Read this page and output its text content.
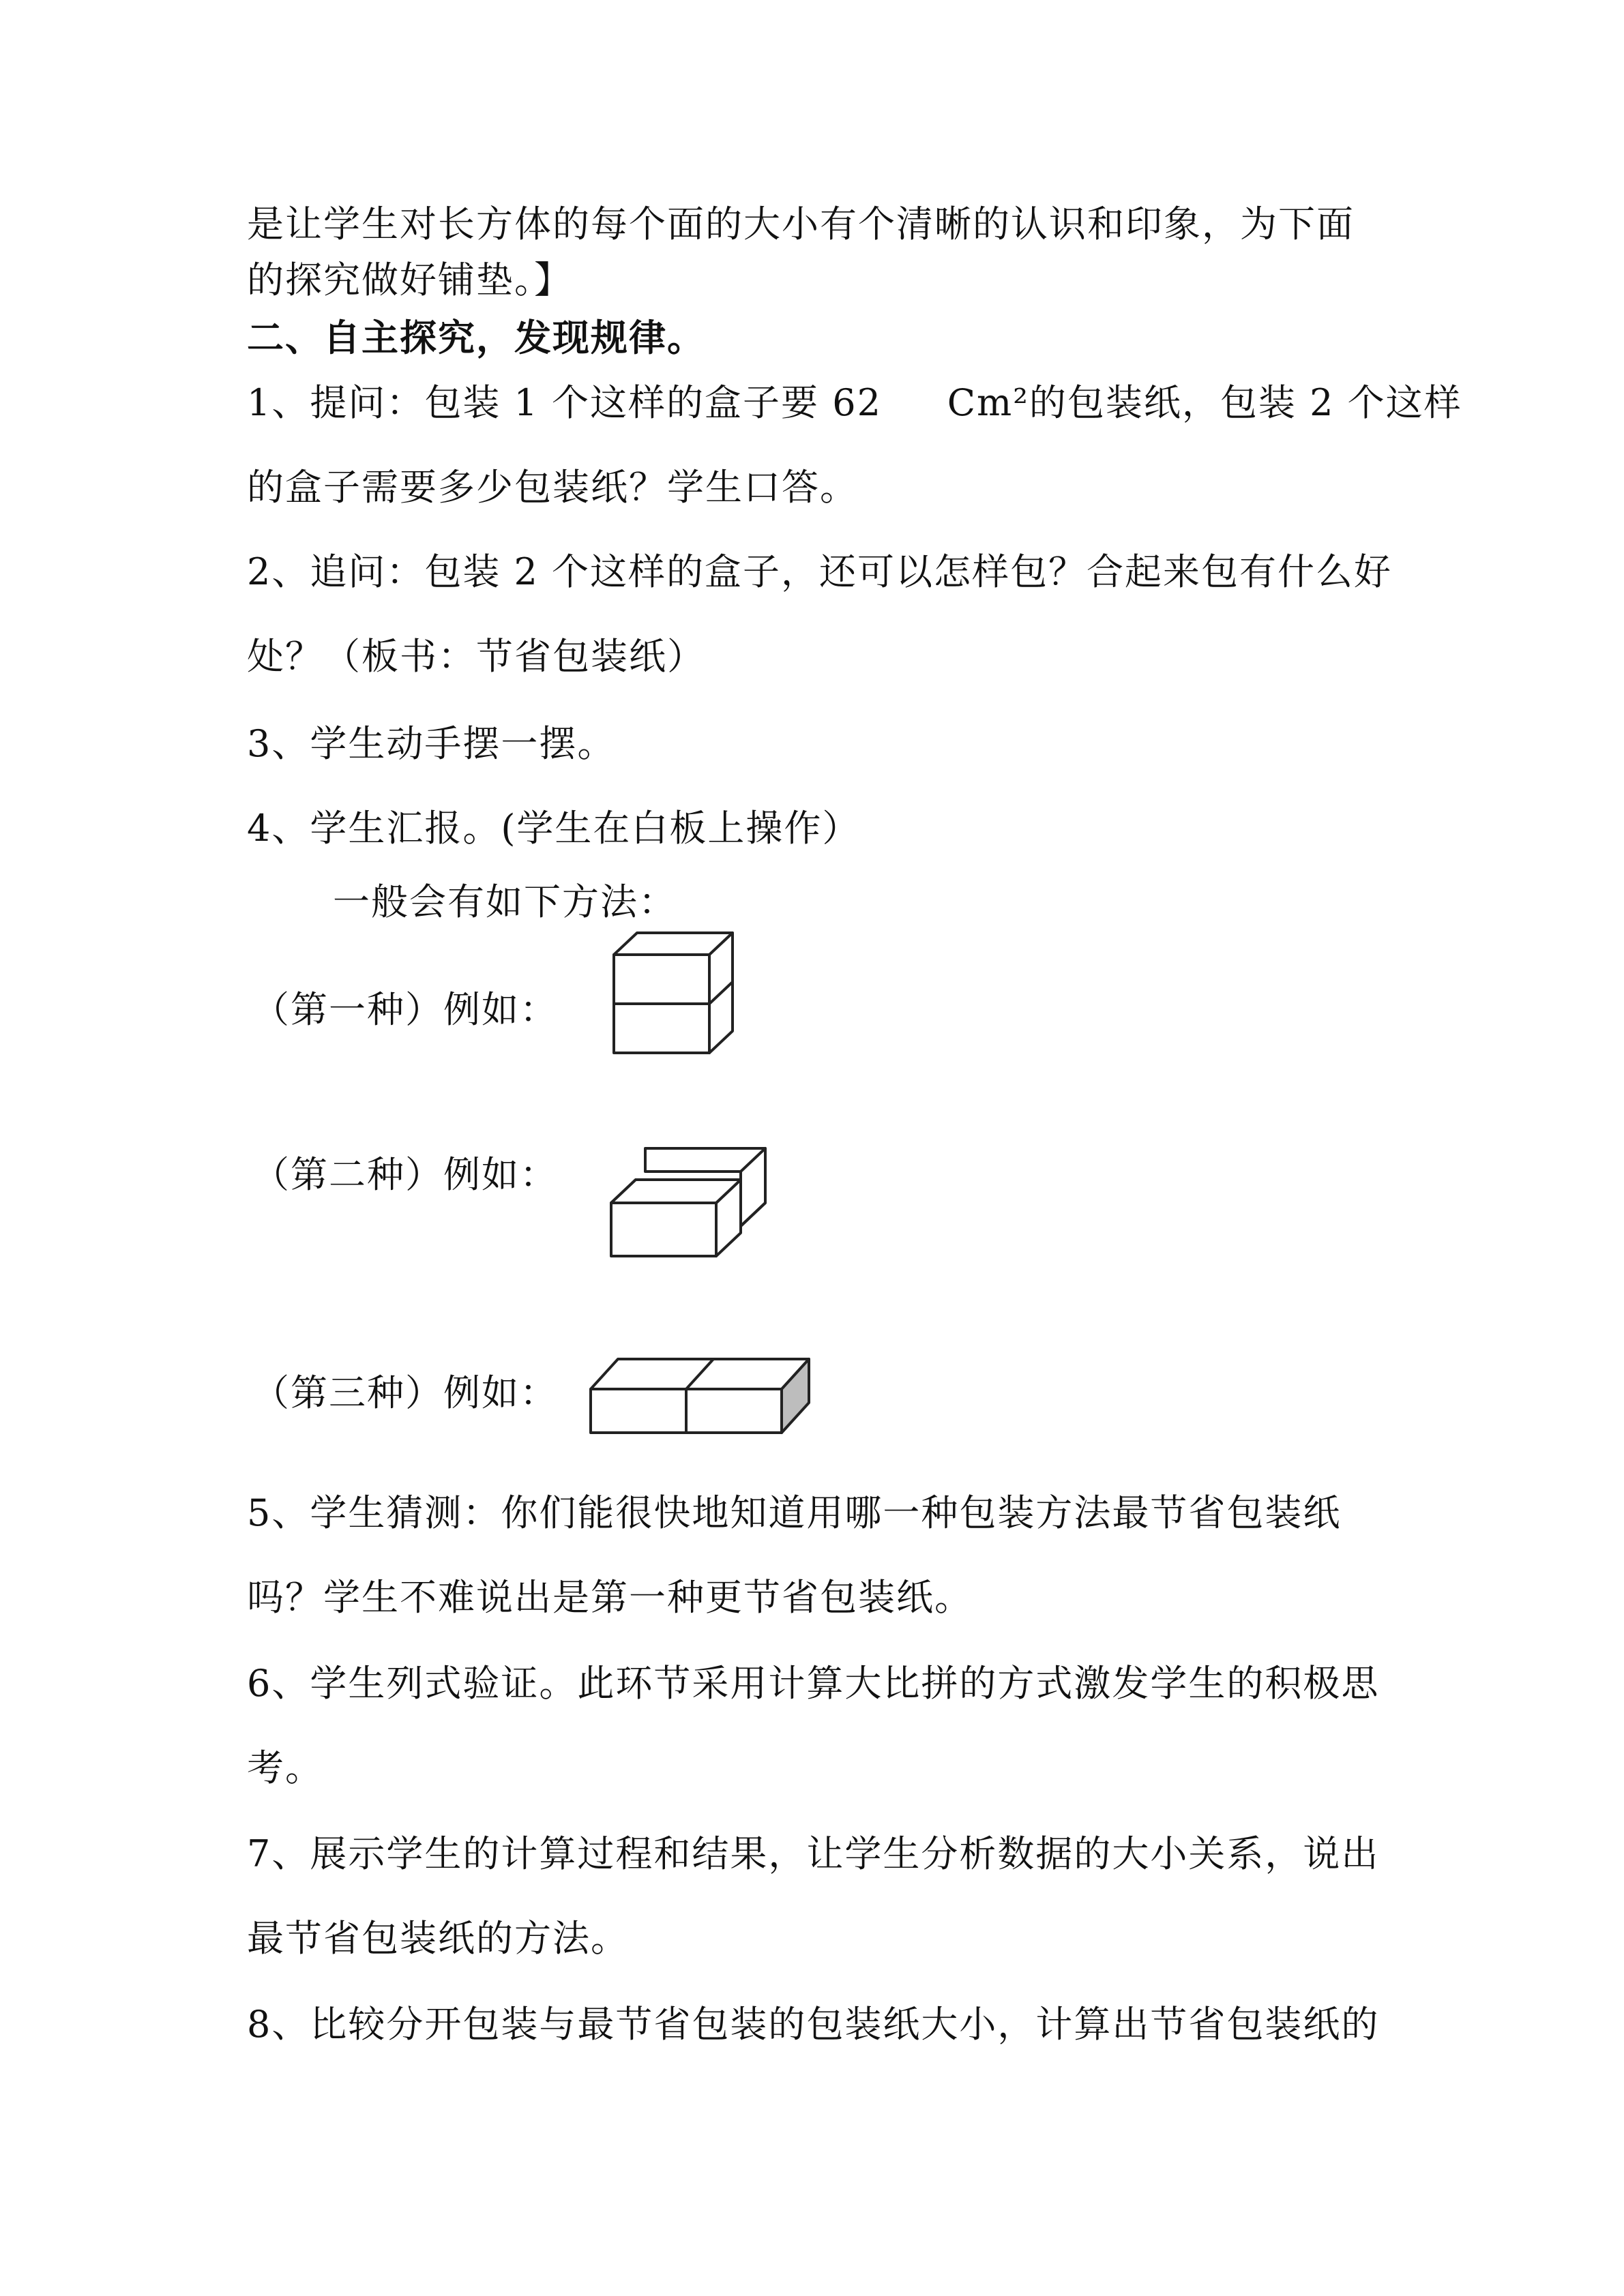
是让学生对长方体的每个面的大小有个清晰的认识和印象，为下面
的探究做好铺垫。】
二、自主探究，发现规律。
1、提问：包装 1 个这样的盒子要 62     Cm²的包装纸，包装 2 个这样
的盒子需要多少包装纸？学生口答。
2、追问：包装 2 个这样的盒子，还可以怎样包？合起来包有什么好
处？（板书：节省包装纸）
3、学生动手摆一摆。
4、学生汇报。(学生在白板上操作）
一般会有如下方法：
（第一种）例如：
（第二种）例如：
（第三种）例如：
5、学生猜测：你们能很快地知道用哪一种包装方法最节省包装纸
吗？学生不难说出是第一种更节省包装纸。
6、学生列式验证。此环节采用计算大比拼的方式激发学生的积极思
考。
7、展示学生的计算过程和结果，让学生分析数据的大小关系，说出
最节省包装纸的方法。
8、比较分开包装与最节省包装的包装纸大小，计算出节省包装纸的
